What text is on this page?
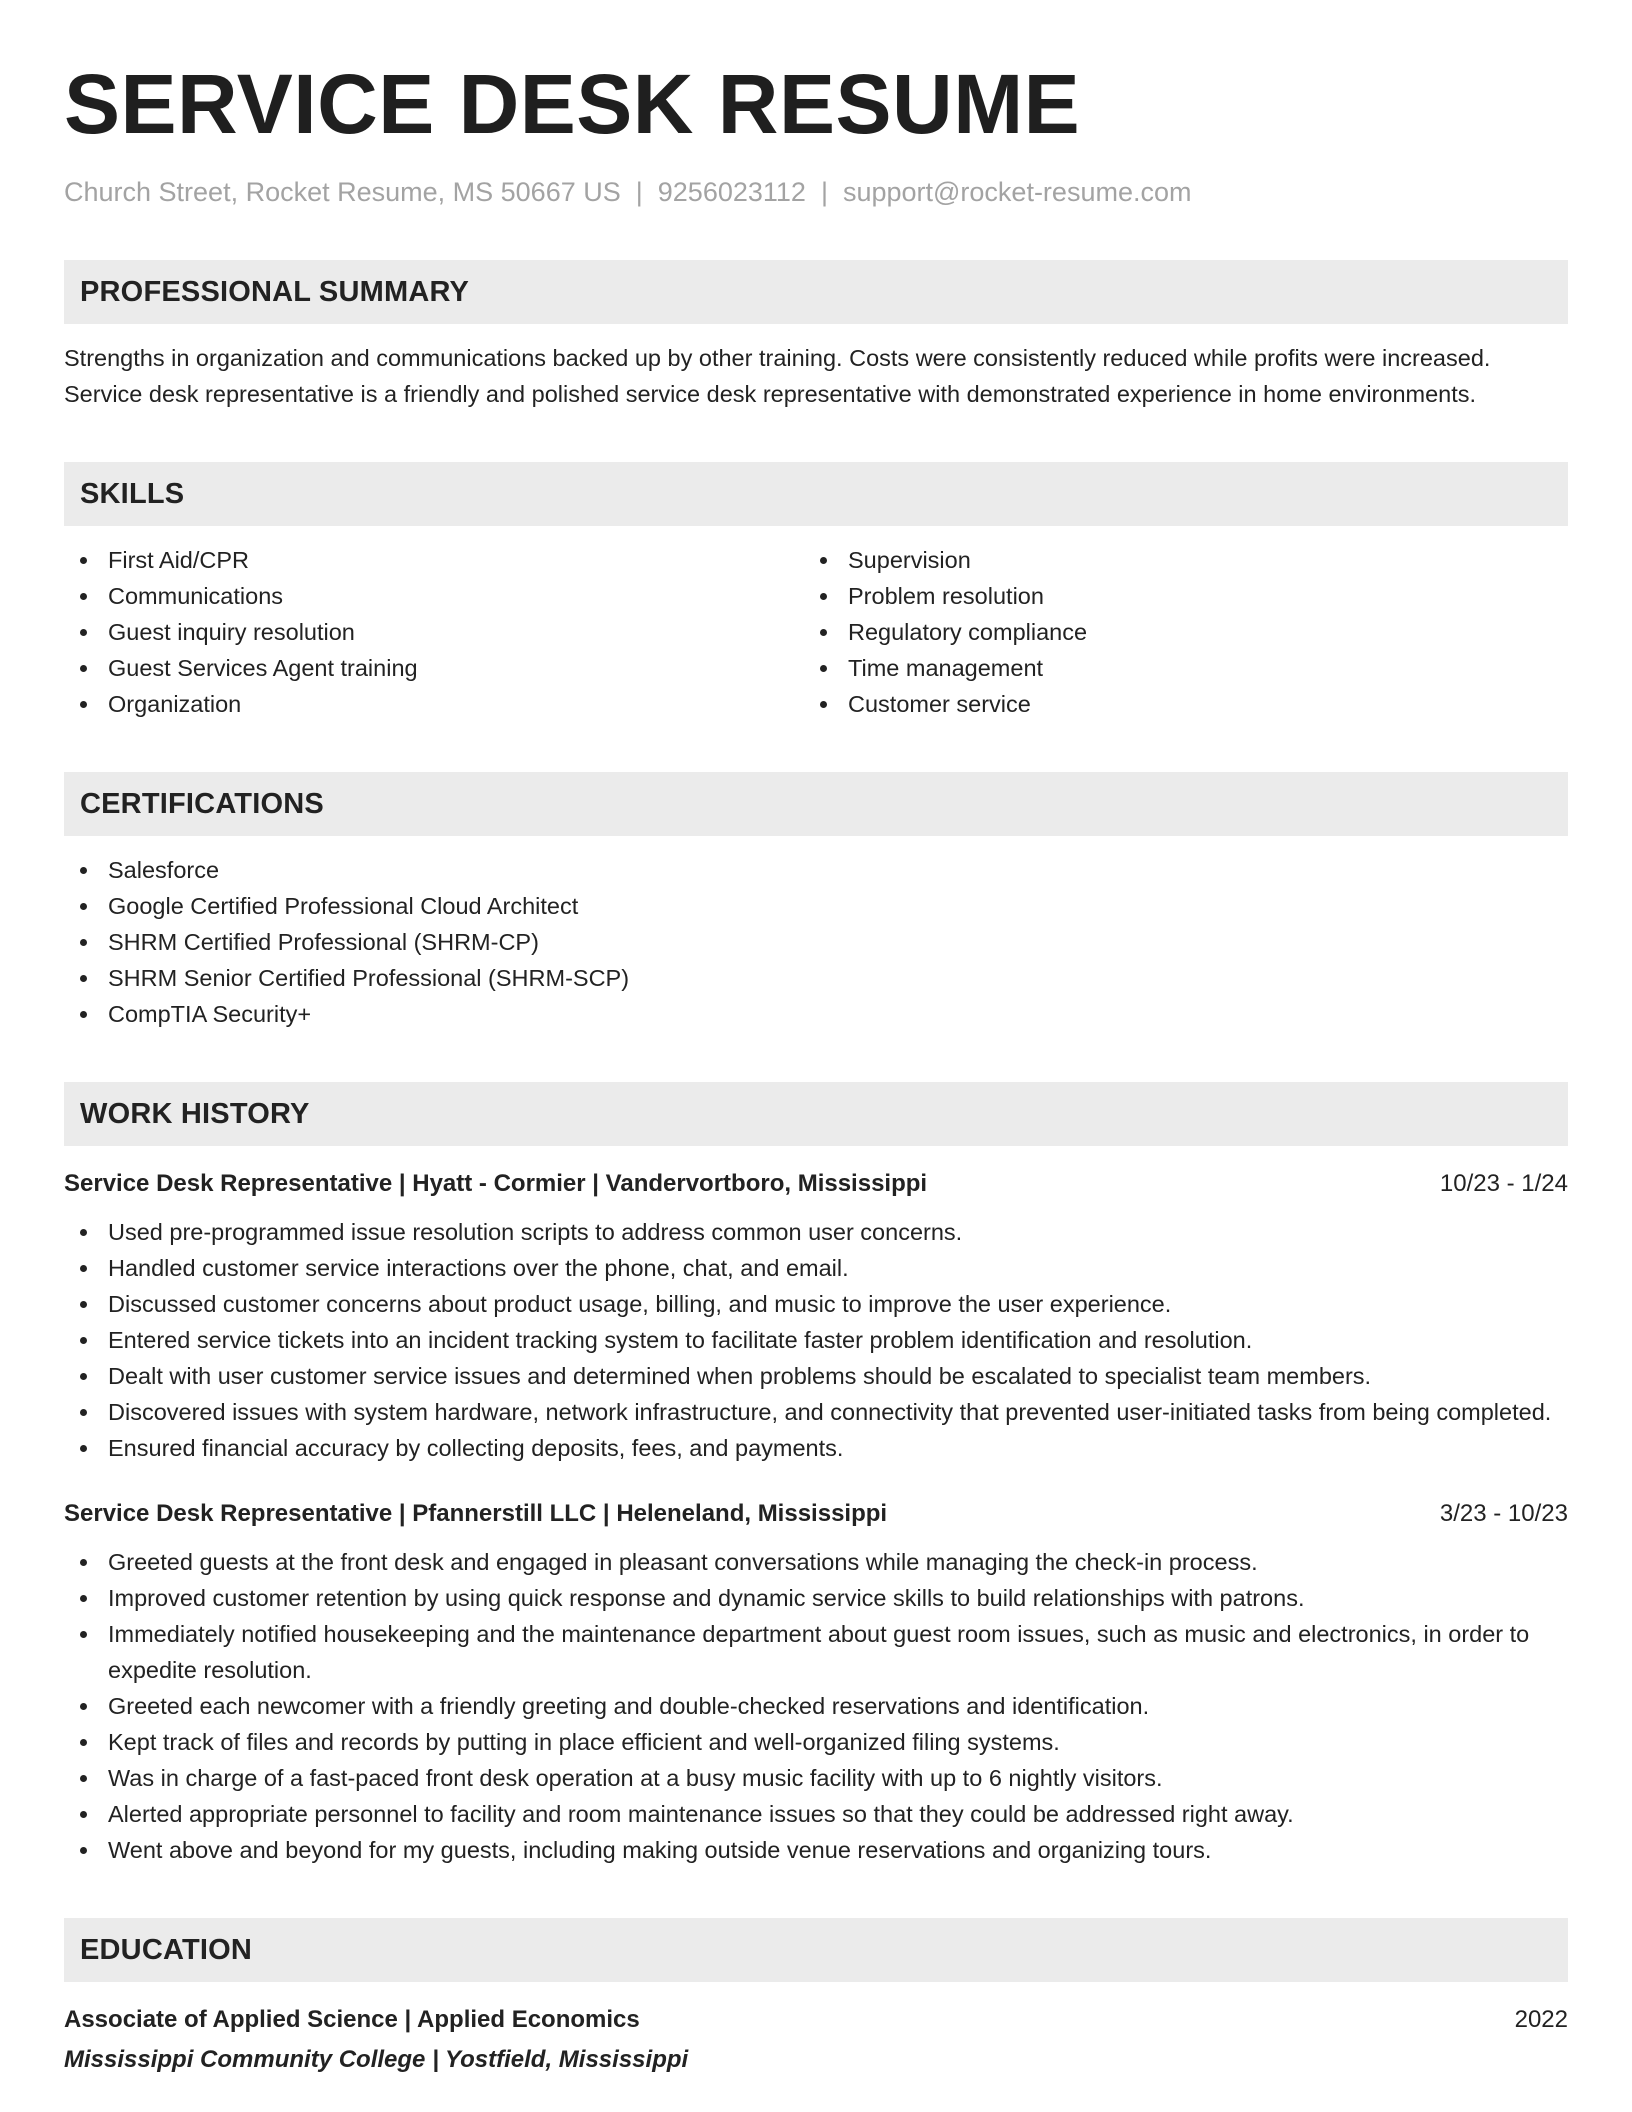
SERVICE DESK RESUME
Church Street, Rocket Resume, MS 50667 US | 9256023112 | support@rocket-resume.com
PROFESSIONAL SUMMARY

Strengths in organization and communications backed up by other training. Costs were consistently reduced while profits were increased. Service desk representative is a friendly and polished service desk representative with demonstrated experience in home environments.

SKILLS
First Aid/CPR
Communications
Guest inquiry resolution
Guest Services Agent training
Organization
Supervision
Problem resolution
Regulatory compliance
Time management
Customer service
CERTIFICATIONS
Salesforce
Google Certified Professional Cloud Architect
SHRM Certified Professional (SHRM-CP)
SHRM Senior Certified Professional (SHRM-SCP)
CompTIA Security+
WORK HISTORY
Service Desk Representative | Hyatt - Cormier | Vandervortboro, Mississippi	10/23 - 1/24
Used pre-programmed issue resolution scripts to address common user concerns.
Handled customer service interactions over the phone, chat, and email.
Discussed customer concerns about product usage, billing, and music to improve the user experience.
Entered service tickets into an incident tracking system to facilitate faster problem identification and resolution.
Dealt with user customer service issues and determined when problems should be escalated to specialist team members.
Discovered issues with system hardware, network infrastructure, and connectivity that prevented user-initiated tasks from being completed.
Ensured financial accuracy by collecting deposits, fees, and payments.
Service Desk Representative | Pfannerstill LLC | Heleneland, Mississippi	3/23 - 10/23
Greeted guests at the front desk and engaged in pleasant conversations while managing the check-in process.
Improved customer retention by using quick response and dynamic service skills to build relationships with patrons.
Immediately notified housekeeping and the maintenance department about guest room issues, such as music and electronics, in order to expedite resolution.
Greeted each newcomer with a friendly greeting and double-checked reservations and identification.
Kept track of files and records by putting in place efficient and well-organized filing systems.
Was in charge of a fast-paced front desk operation at a busy music facility with up to 6 nightly visitors.
Alerted appropriate personnel to facility and room maintenance issues so that they could be addressed right away.
Went above and beyond for my guests, including making outside venue reservations and organizing tours.
EDUCATION
Associate of Applied Science | Applied Economics	2022
Mississippi Community College | Yostfield, Mississippi
